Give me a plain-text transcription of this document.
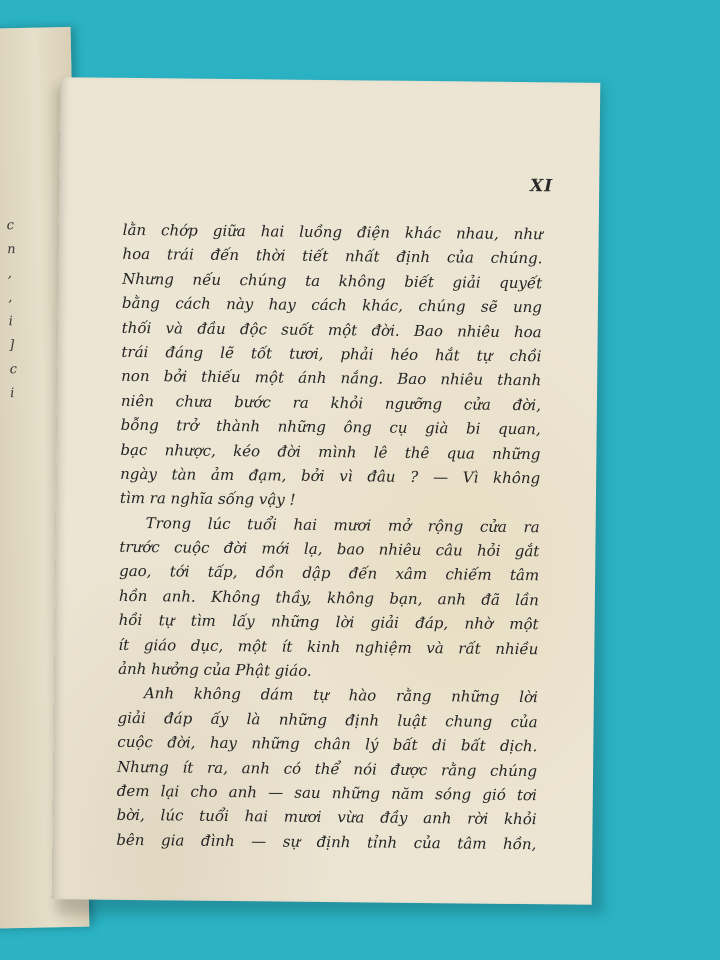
c
n
,
,
i
]
c
i
XI
lằn chớp giữa hai luồng điện khác nhau, như
hoa trái đến thời tiết nhất định của chúng.
Nhưng nếu chúng ta không biết giải quyết
bằng cách này hay cách khác, chúng sẽ ung
thối và đầu độc suốt một đời. Bao nhiêu hoa
trái đáng lẽ tốt tươi, phải héo hắt tự chồi
non bởi thiếu một ánh nắng. Bao nhiêu thanh
niên chưa bước ra khỏi ngưỡng cửa đời,
bỗng trở thành những ông cụ già bi quan,
bạc nhược, kéo đời mình lê thê qua những
ngày tàn ảm đạm, bởi vì đâu ? — Vì không
tìm ra nghĩa sống vậy !
Trong lúc tuổi hai mươi mở rộng cửa ra
trước cuộc đời mới lạ, bao nhiêu câu hỏi gắt
gao, tới tấp, dồn dập đến xâm chiếm tâm
hồn anh. Không thầy, không bạn, anh đã lần
hồi tự tìm lấy những lời giải đáp, nhờ một
ít giáo dục, một ít kinh nghiệm và rất nhiều
ảnh hưởng của Phật giáo.
Anh không dám tự hào rằng những lời
giải đáp ấy là những định luật chung của
cuộc đời, hay những chân lý bất di bất dịch.
Nhưng ít ra, anh có thể nói được rằng chúng
đem lại cho anh — sau những năm sóng gió tơi
bời, lúc tuổi hai mươi vừa đầy anh rời khỏi
bên gia đình — sự định tỉnh của tâm hồn,
